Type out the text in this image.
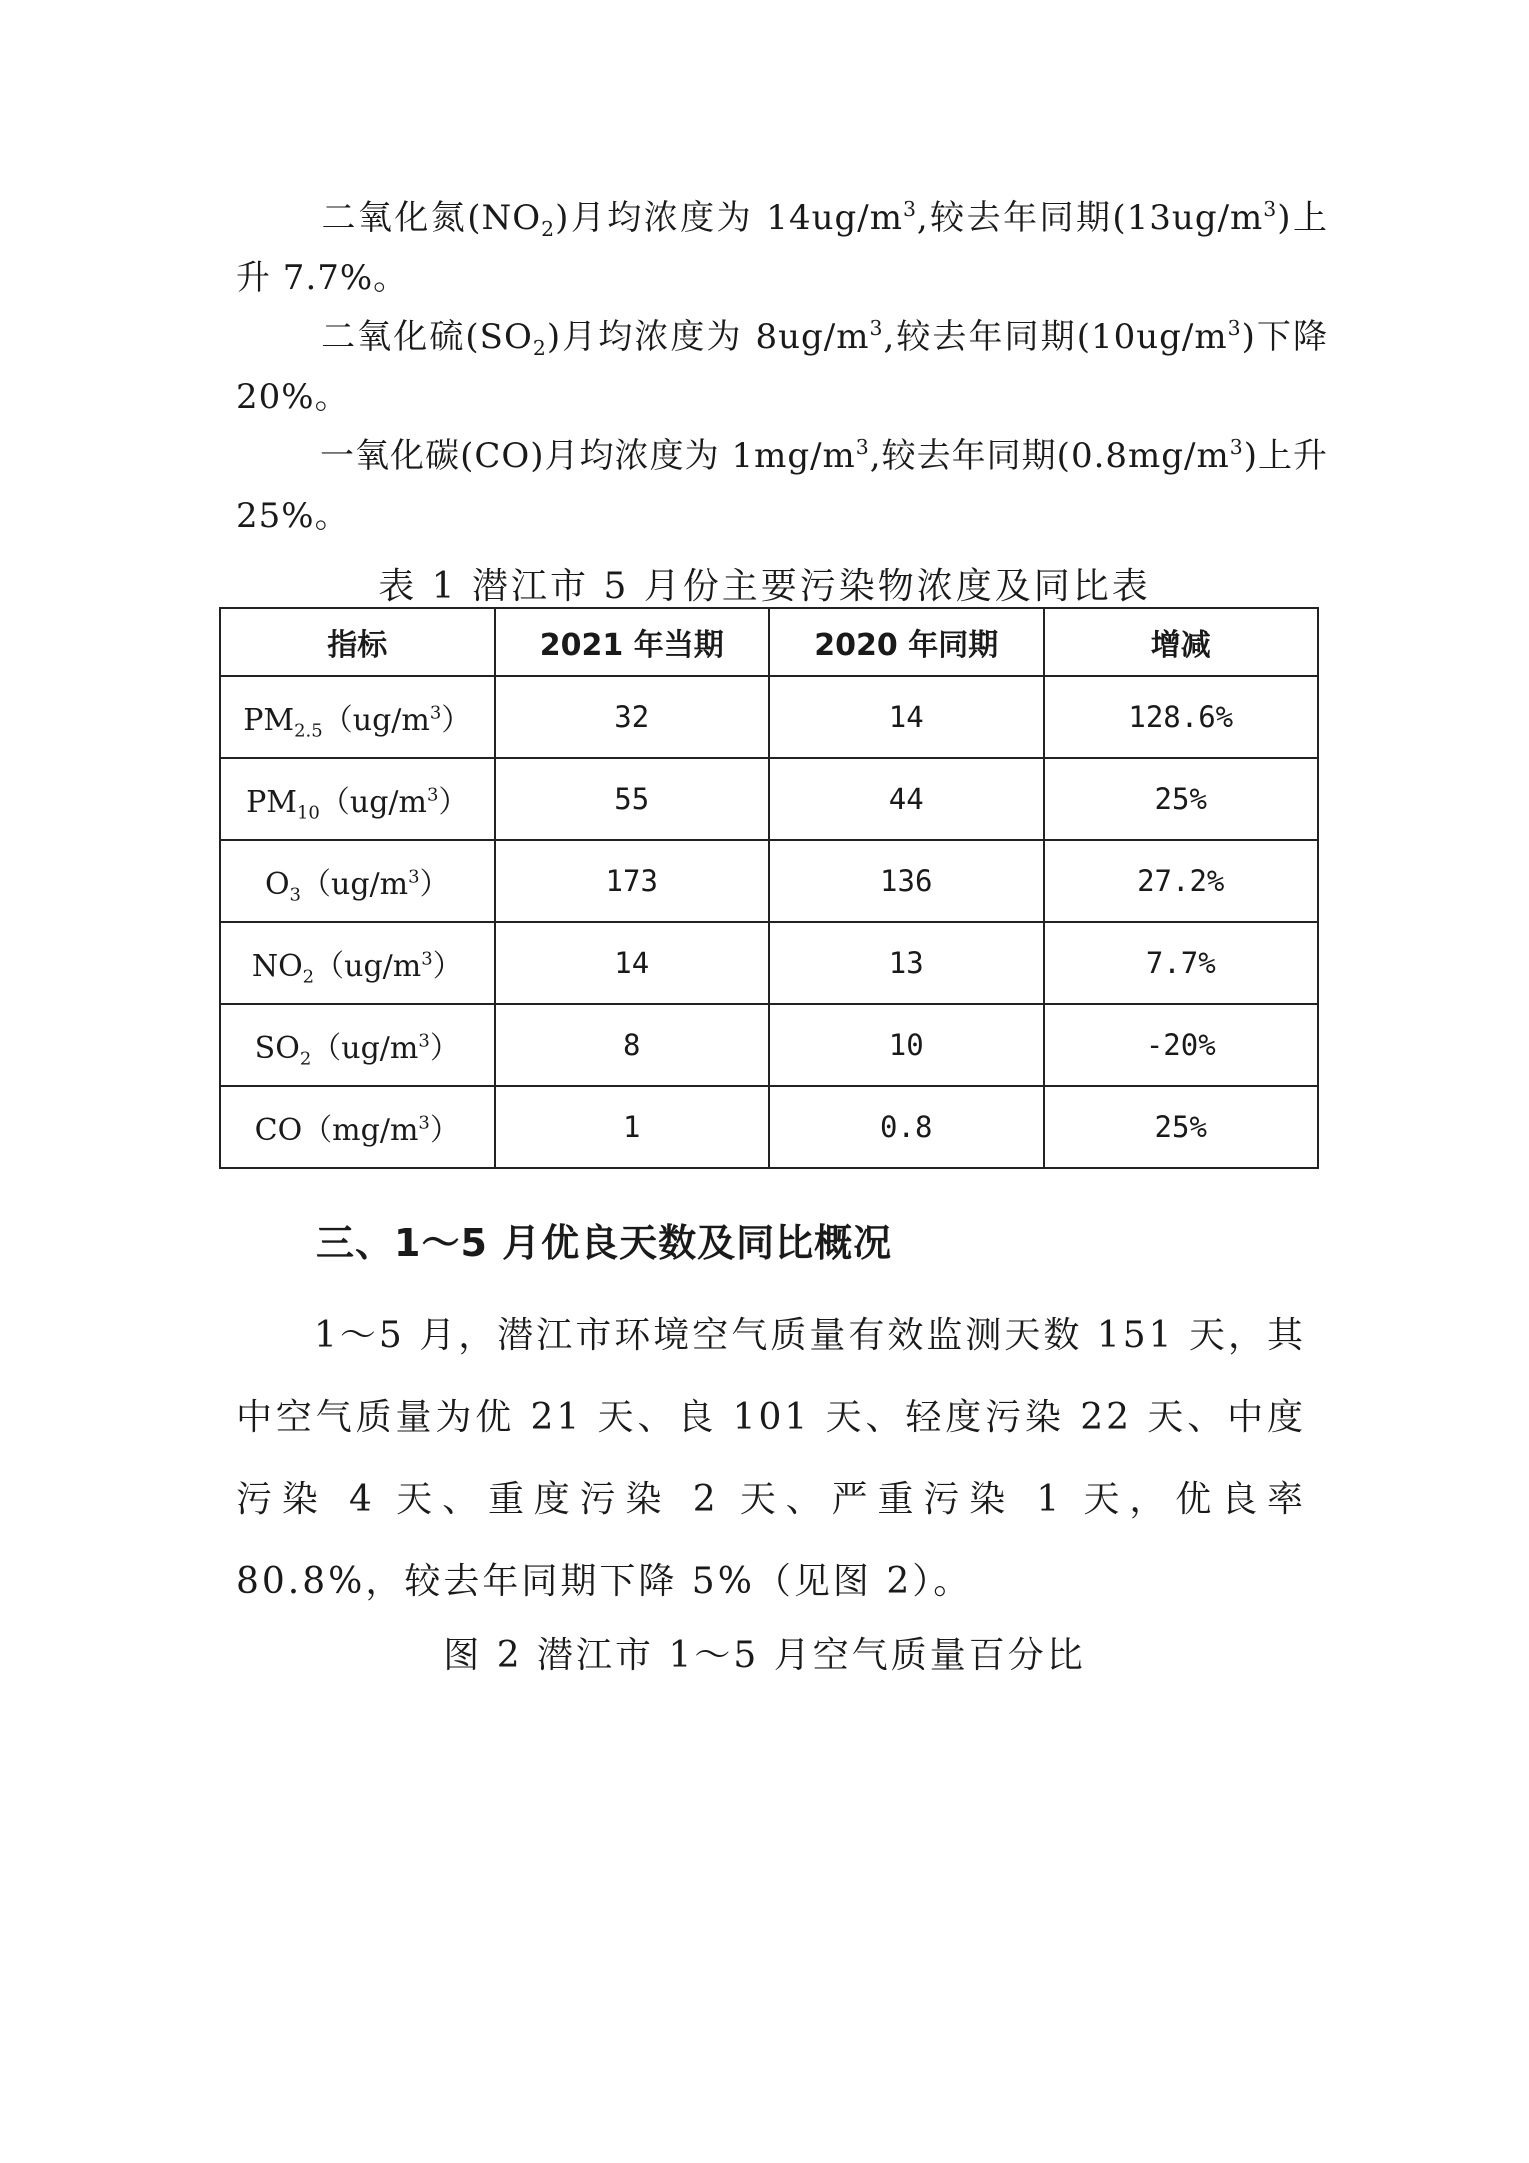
二氧化氮$(NO_2)$月均浓度为 $14ug/m^3$,较去年同期$(13ug/m^3)$上升 7.7%。

二氧化硫$(SO_2)$月均浓度为 $8ug/m^3$,较去年同期$(10ug/m^3)$下降 20%。

一氧化碳(CO)月均浓度为 $1mg/m^3$,较去年同期$(0.8mg/m^3)$上升 25%。

表 1 潜江市 5 月份主要污染物浓度及同比表

指标	2021 年当期	2020 年同期	增减
$PM_{2.5}(ug/m^3)$	32	14	128.6%
$PM_{10}(ug/m^3)$	55	44	25%
$O_3(ug/m^3)$	173	136	27.2%
$NO_2(ug/m^3)$	14	13	7.7%
$SO_2(ug/m^3)$	8	10	-20%
$CO(mg/m^3)$	1	0.8	25%
三、1～5 月优良天数及同比概况

1～5 月，潜江市环境空气质量有效监测天数 151 天，其中空气质量为优 21 天、良 101 天、轻度污染 22 天、中度污染 4 天、重度污染 2 天、严重污染 1 天，优良率 80.8%，较去年同期下降 5%（见图 2）。

图 2 潜江市 1～5 月空气质量百分比
